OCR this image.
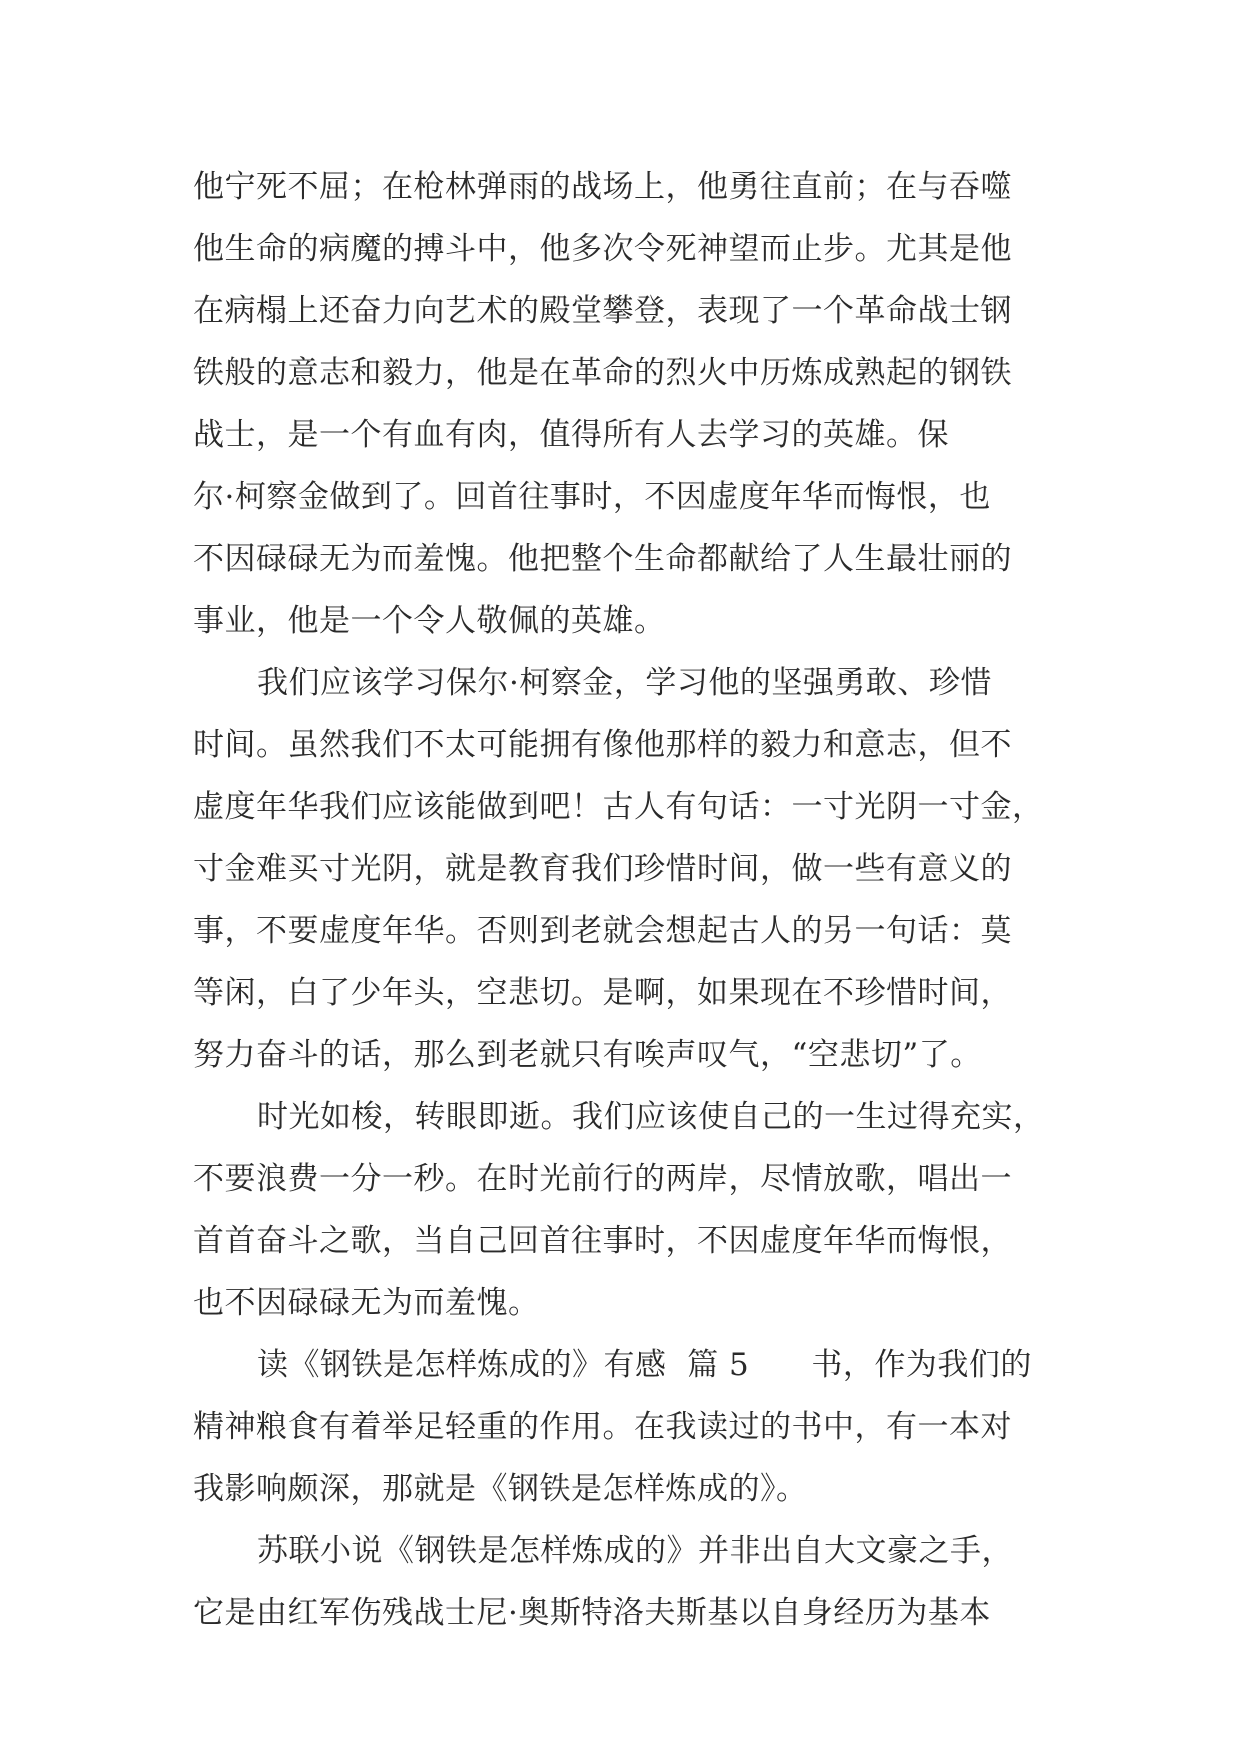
他宁死不屈；在枪林弹雨的战场上，他勇往直前；在与吞噬
他生命的病魔的搏斗中，他多次令死神望而止步。尤其是他
在病榻上还奋力向艺术的殿堂攀登，表现了一个革命战士钢
铁般的意志和毅力，他是在革命的烈火中历炼成熟起的钢铁
战士，是一个有血有肉，值得所有人去学习的英雄。保
尔·柯察金做到了。回首往事时，不因虚度年华而悔恨，也
不因碌碌无为而羞愧。他把整个生命都献给了人生最壮丽的
事业，他是一个令人敬佩的英雄。
我们应该学习保尔·柯察金，学习他的坚强勇敢、珍惜
时间。虽然我们不太可能拥有像他那样的毅力和意志，但不
虚度年华我们应该能做到吧！古人有句话：一寸光阴一寸金，
寸金难买寸光阴，就是教育我们珍惜时间，做一些有意义的
事，不要虚度年华。否则到老就会想起古人的另一句话：莫
等闲，白了少年头，空悲切。是啊，如果现在不珍惜时间，
努力奋斗的话，那么到老就只有唉声叹气，“空悲切”了。
时光如梭，转眼即逝。我们应该使自己的一生过得充实，
不要浪费一分一秒。在时光前行的两岸，尽情放歌，唱出一
首首奋斗之歌，当自己回首往事时，不因虚度年华而悔恨，
也不因碌碌无为而羞愧。
读《钢铁是怎样炼成的》有感  篇 5      书，作为我们的
精神粮食有着举足轻重的作用。在我读过的书中，有一本对
我影响颇深，那就是《钢铁是怎样炼成的》。
苏联小说《钢铁是怎样炼成的》并非出自大文豪之手，
它是由红军伤残战士尼·奥斯特洛夫斯基以自身经历为基本
